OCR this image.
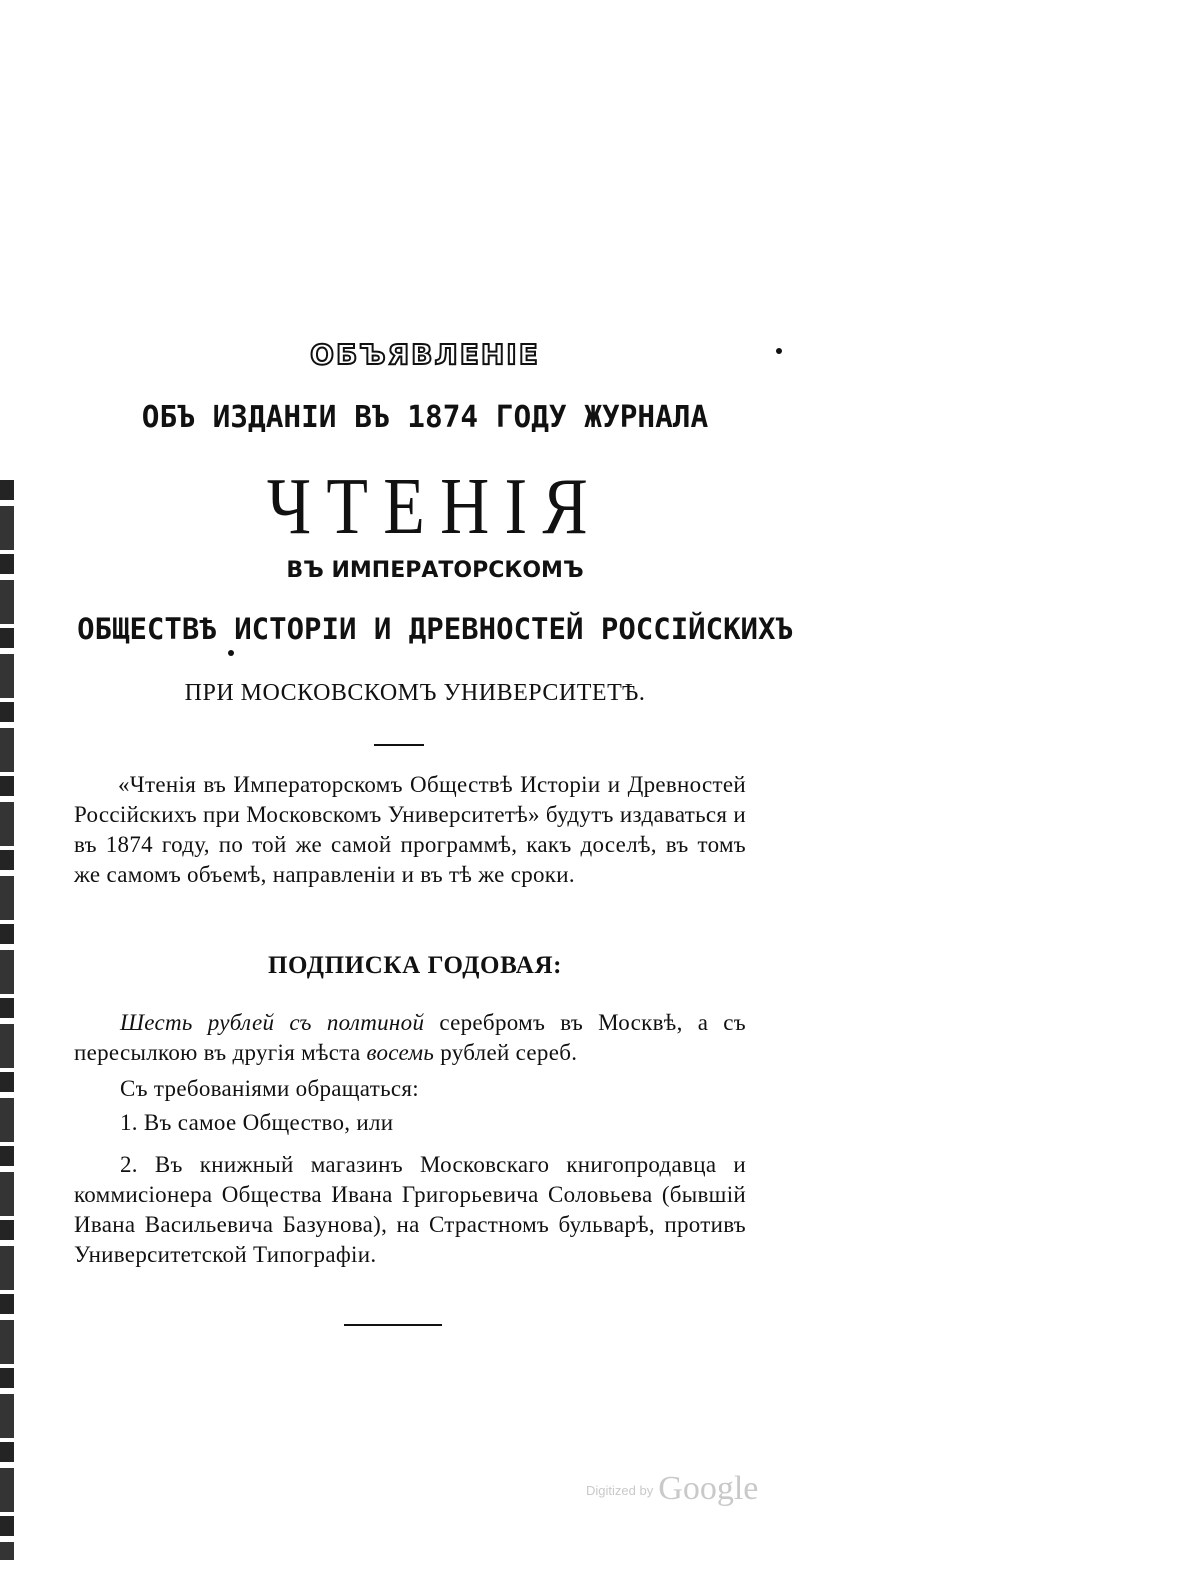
ОБЪЯВЛЕНІЕ
ОБЪ ИЗДАНІИ ВЪ 1874 ГОДУ ЖУРНАЛА
ЧТЕНІЯ
ВЪ ИМПЕРАТОРСКОМЪ
ОБЩЕСТВѢ ИСТОРІИ И ДРЕВНОСТЕЙ РОССІЙСКИХЪ
ПРИ МОСКОВСКОМЪ УНИВЕРСИТЕТѢ.
«Чтенія въ Императорскомъ Обществѣ Исторіи и Древностей Россійскихъ при Московскомъ Университетѣ» будутъ издаваться и въ 1874 году, по той же самой программѣ, какъ доселѣ, въ томъ же самомъ объемѣ, направленіи и въ тѣ же сроки.
ПОДПИСКА ГОДОВАЯ:
Шесть рублей съ полтиной серебромъ въ Москвѣ, а съ пересылкою въ другія мѣста восемь рублей сереб.
Съ требованіями обращаться:
1. Въ самое Общество, или
2. Въ книжный магазинъ Московскаго книгопродавца и коммисіонера Общества Ивана Григорьевича Соловьева (бывшій Ивана Васильевича Базунова), на Страстномъ бульварѣ, противъ Университетской Типографіи.
$^{Digitized by}$ Google
